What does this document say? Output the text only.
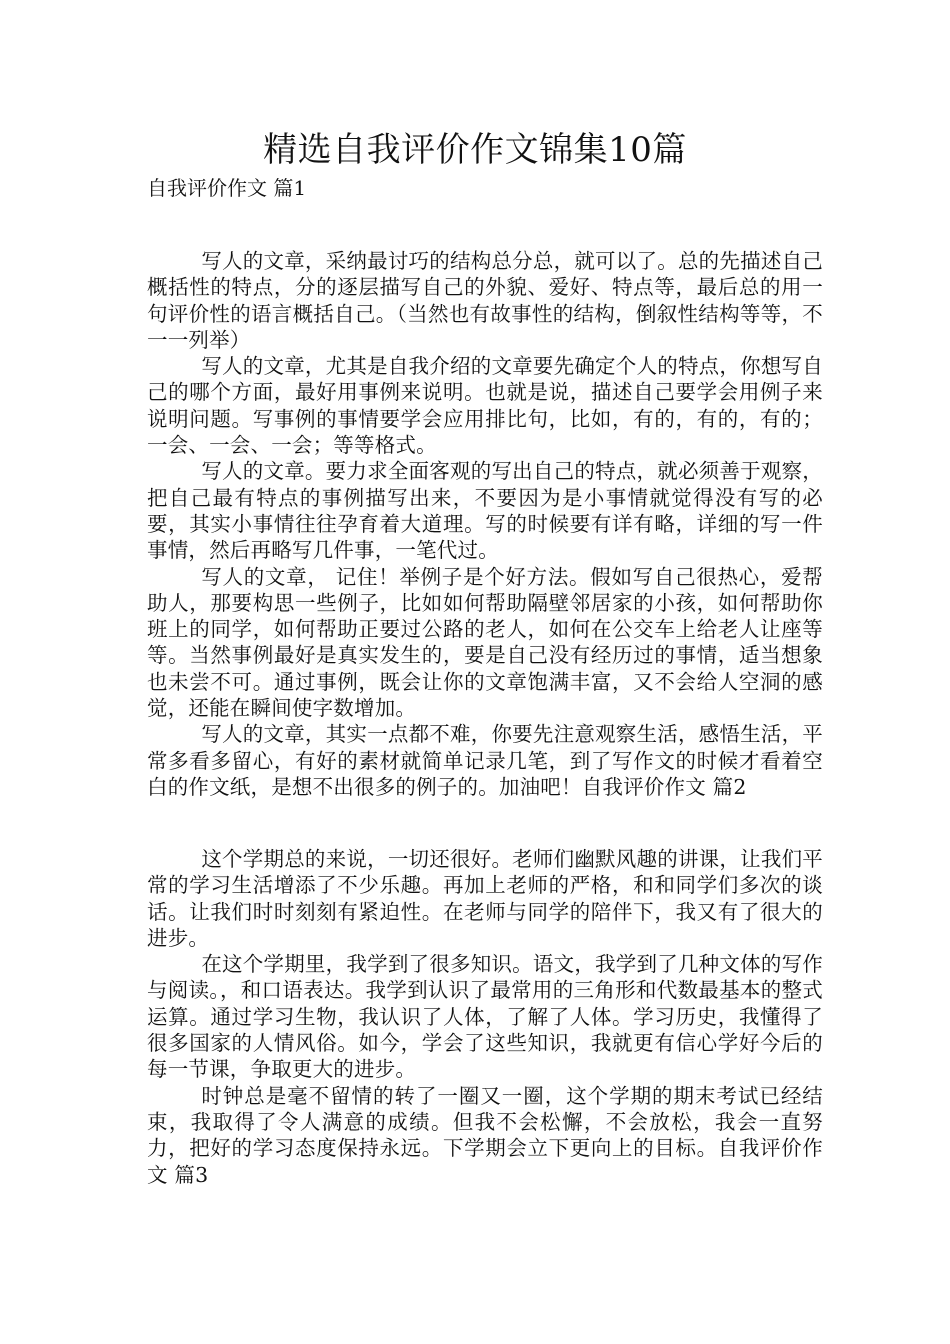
精选自我评价作文锦集10篇
自我评价作文 篇1

写人的文章，采纳最讨巧的结构总分总，就可以了。总的先描述自己概括性的特点，分的逐层描写自己的外貌、爱好、特点等，最后总的用一句评价性的语言概括自己。（当然也有故事性的结构，倒叙性结构等等，不一一列举）

写人的文章，尤其是自我介绍的文章要先确定个人的特点，你想写自己的哪个方面，最好用事例来说明。也就是说，描述自己要学会用例子来说明问题。写事例的事情要学会应用排比句，比如，有的，有的，有的；一会、一会、一会；等等格式。

写人的文章。要力求全面客观的写出自己的特点，就必须善于观察，把自己最有特点的事例描写出来，不要因为是小事情就觉得没有写的必要，其实小事情往往孕育着大道理。写的时候要有详有略，详细的写一件事情，然后再略写几件事，一笔代过。

写人的文章， 记住！举例子是个好方法。假如写自己很热心，爱帮助人，那要构思一些例子，比如如何帮助隔壁邻居家的小孩，如何帮助你班上的同学，如何帮助正要过公路的老人，如何在公交车上给老人让座等等。当然事例最好是真实发生的，要是自己没有经历过的事情，适当想象也未尝不可。通过事例，既会让你的文章饱满丰富，又不会给人空洞的感觉，还能在瞬间使字数增加。

写人的文章，其实一点都不难，你要先注意观察生活，感悟生活，平常多看多留心，有好的素材就简单记录几笔，到了写作文的时候才看着空白的作文纸，是想不出很多的例子的。加油吧！自我评价作文 篇2

这个学期总的来说，一切还很好。老师们幽默风趣的讲课，让我们平常的学习生活增添了不少乐趣。再加上老师的严格，和和同学们多次的谈话。让我们时时刻刻有紧迫性。在老师与同学的陪伴下，我又有了很大的进步。

在这个学期里，我学到了很多知识。语文，我学到了几种文体的写作与阅读。，和口语表达。我学到认识了最常用的三角形和代数最基本的整式运算。通过学习生物，我认识了人体，了解了人体。学习历史，我懂得了很多国家的人情风俗。如今，学会了这些知识，我就更有信心学好今后的每一节课，争取更大的进步。

时钟总是毫不留情的转了一圈又一圈，这个学期的期末考试已经结束，我取得了令人满意的成绩。但我不会松懈，不会放松，我会一直努力，把好的学习态度保持永远。下学期会立下更向上的目标。自我评价作文 篇3
